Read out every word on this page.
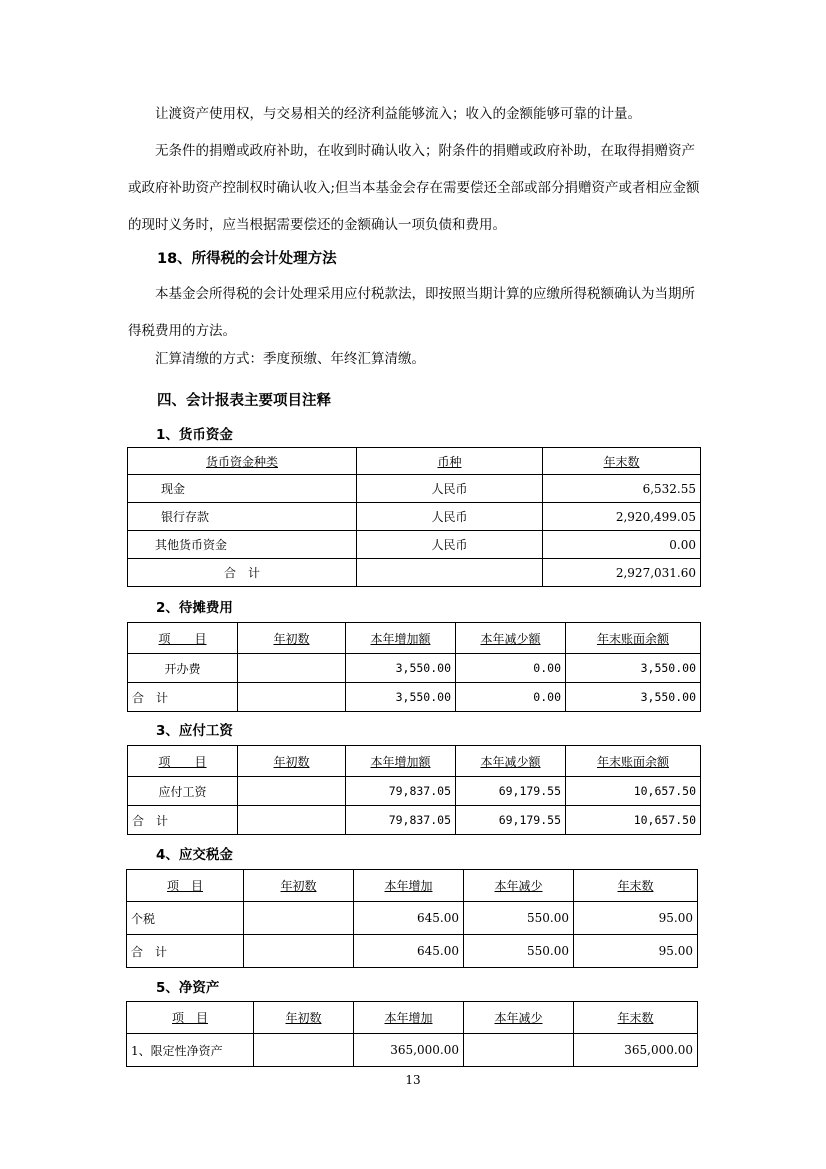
让渡资产使用权，与交易相关的经济利益能够流入；收入的金额能够可靠的计量。

无条件的捐赠或政府补助，在收到时确认收入；附条件的捐赠或政府补助，在取得捐赠资产或政府补助资产控制权时确认收入;但当本基金会存在需要偿还全部或部分捐赠资产或者相应金额的现时义务时，应当根据需要偿还的金额确认一项负债和费用。

18、所得税的会计处理方法

本基金会所得税的会计处理采用应付税款法，即按照当期计算的应缴所得税额确认为当期所得税费用的方法。

汇算清缴的方式：季度预缴、年终汇算清缴。

四、会计报表主要项目注释
1、货币资金
货币资金种类	币种	年末数
现金	人民币	6,532.55
银行存款	人民币	2,920,499.05
其他货币资金	人民币	0.00
合　计		2,927,031.60
2、待摊费用
项　　目	年初数	本年增加额	本年减少额	年末账面余额
开办费		3,550.00	0.00	3,550.00
合　计		3,550.00	0.00	3,550.00
3、应付工资
项　　目	年初数	本年增加额	本年减少额	年末账面余额
应付工资		79,837.05	69,179.55	10,657.50
合　计		79,837.05	69,179.55	10,657.50
4、应交税金
项　目	年初数	本年增加	本年减少	年末数
个税		645.00	550.00	95.00
合　计		645.00	550.00	95.00
5、净资产
项　目	年初数	本年增加	本年减少	年末数
1、限定性净资产		365,000.00		365,000.00
13
